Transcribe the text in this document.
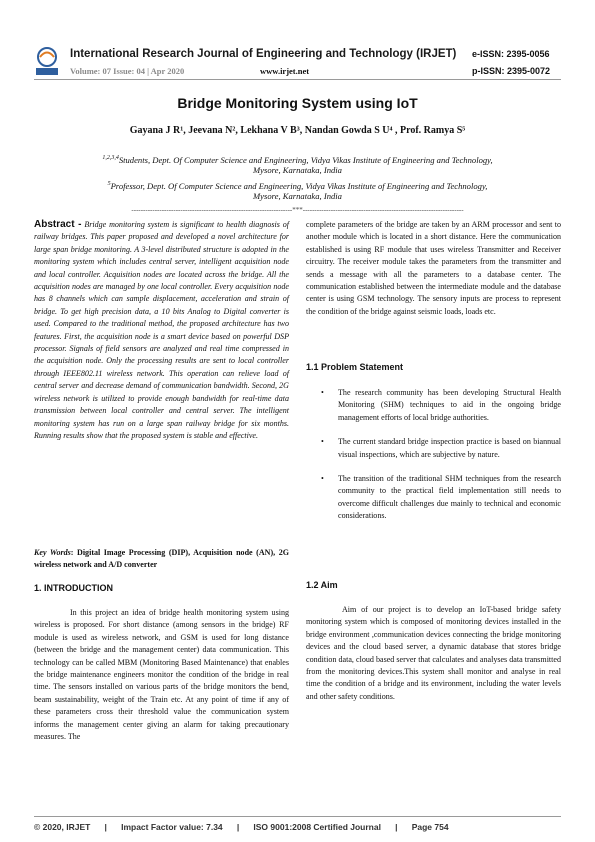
International Research Journal of Engineering and Technology (IRJET) e-ISSN: 2395-0056
Volume: 07 Issue: 04 | Apr 2020	www.irjet.net	p-ISSN: 2395-0072
Bridge Monitoring System using IoT
Gayana J R¹, Jeevana N², Lekhana V B³, Nandan Gowda S U⁴ , Prof. Ramya S⁵
$^{1,2,3,4}$Students, Dept. Of Computer Science and Engineering, Vidya Vikas Institute of Engineering and Technology,
Mysore, Karnataka, India
$^5$Professor, Dept. Of Computer Science and Engineering, Vidya Vikas Institute of Engineering and Technology,
Mysore, Karnataka, India
---------------------------------------------------------------------***---------------------------------------------------------------------
Abstract - Bridge monitoring system is significant to health diagnosis of railway bridges. This paper proposed and developed a novel architecture for large span bridge monitoring. A 3-level distributed structure is adopted in the monitoring system which includes central server, intelligent acquisition node and local controller. Acquisition nodes are located across the bridge. All the acquisition nodes are managed by one local controller. Every acquisition node has 8 channels which can sample displacement, acceleration and strain of bridge. To get high precision data, a 10 bits Analog to Digital converter is used. Compared to the traditional method, the proposed architecture has two features. First, the acquisition node is a smart device based on powerful DSP processor. Signals of field sensors are analyzed and real time compressed in the acquisition node. Only the processing results are sent to local controller through IEEE802.11 wireless network. This operation can relieve load of central server and decrease demand of communication bandwidth. Second, 2G wireless network is utilized to provide enough bandwidth for real-time data transmission between local controller and central server. The intelligent monitoring system has run on a large span railway bridge for six months. Running results show that the proposed system is stable and effective.
Key Words: Digital Image Processing (DIP), Acquisition node (AN), 2G wireless network and A/D converter
1. INTRODUCTION
In this project an idea of bridge health monitoring system using wireless is proposed. For short distance (among sensors in the bridge) RF module is used as wireless network, and GSM is used for long distance (between the bridge and the management center) data communication. This technology can be called MBM (Monitoring Based Maintenance) that enables the bridge maintenance engineers monitor the condition of the bridge in real time. The sensors installed on various parts of the bridge monitors the bend, beam sustainability, weight of the Train etc. At any point of time if any of these parameters cross their threshold value the communication system informs the management center giving an alarm for taking precautionary measures. The
complete parameters of the bridge are taken by an ARM processor and sent to another module which is located in a short distance. Here the communication established is using RF module that uses wireless Transmitter and Receiver circuitry. The receiver module takes the parameters from the transmitter and sends a message with all the parameters to a database center. The communication established between the intermediate module and the database center is using GSM technology. The sensory inputs are process to represent the condition of the bridge against seismic loads, loads etc.
1.1 Problem Statement
• The research community has been developing Structural Health Monitoring (SHM) techniques to aid in the ongoing bridge management efforts of local bridge authorities.
• The current standard bridge inspection practice is based on biannual visual inspections, which are subjective by nature.
• The transition of the traditional SHM techniques from the research community to the practical field implementation still needs to overcome difficult challenges due mainly to technical and economic considerations.
1.2 Aim
Aim of our project is to develop an IoT-based bridge safety monitoring system which is composed of monitoring devices installed in the bridge environment ,communication devices connecting the bridge monitoring devices and the cloud based server, a dynamic database that stores bridge condition data, cloud based server that calculates and analyses data transmitted from the monitoring devices.This system shall monitor and analyse in real time the condition of a bridge and its environment, including the water levels and other safety conditions.
© 2020, IRJET | Impact Factor value: 7.34 | ISO 9001:2008 Certified Journal | Page 754
